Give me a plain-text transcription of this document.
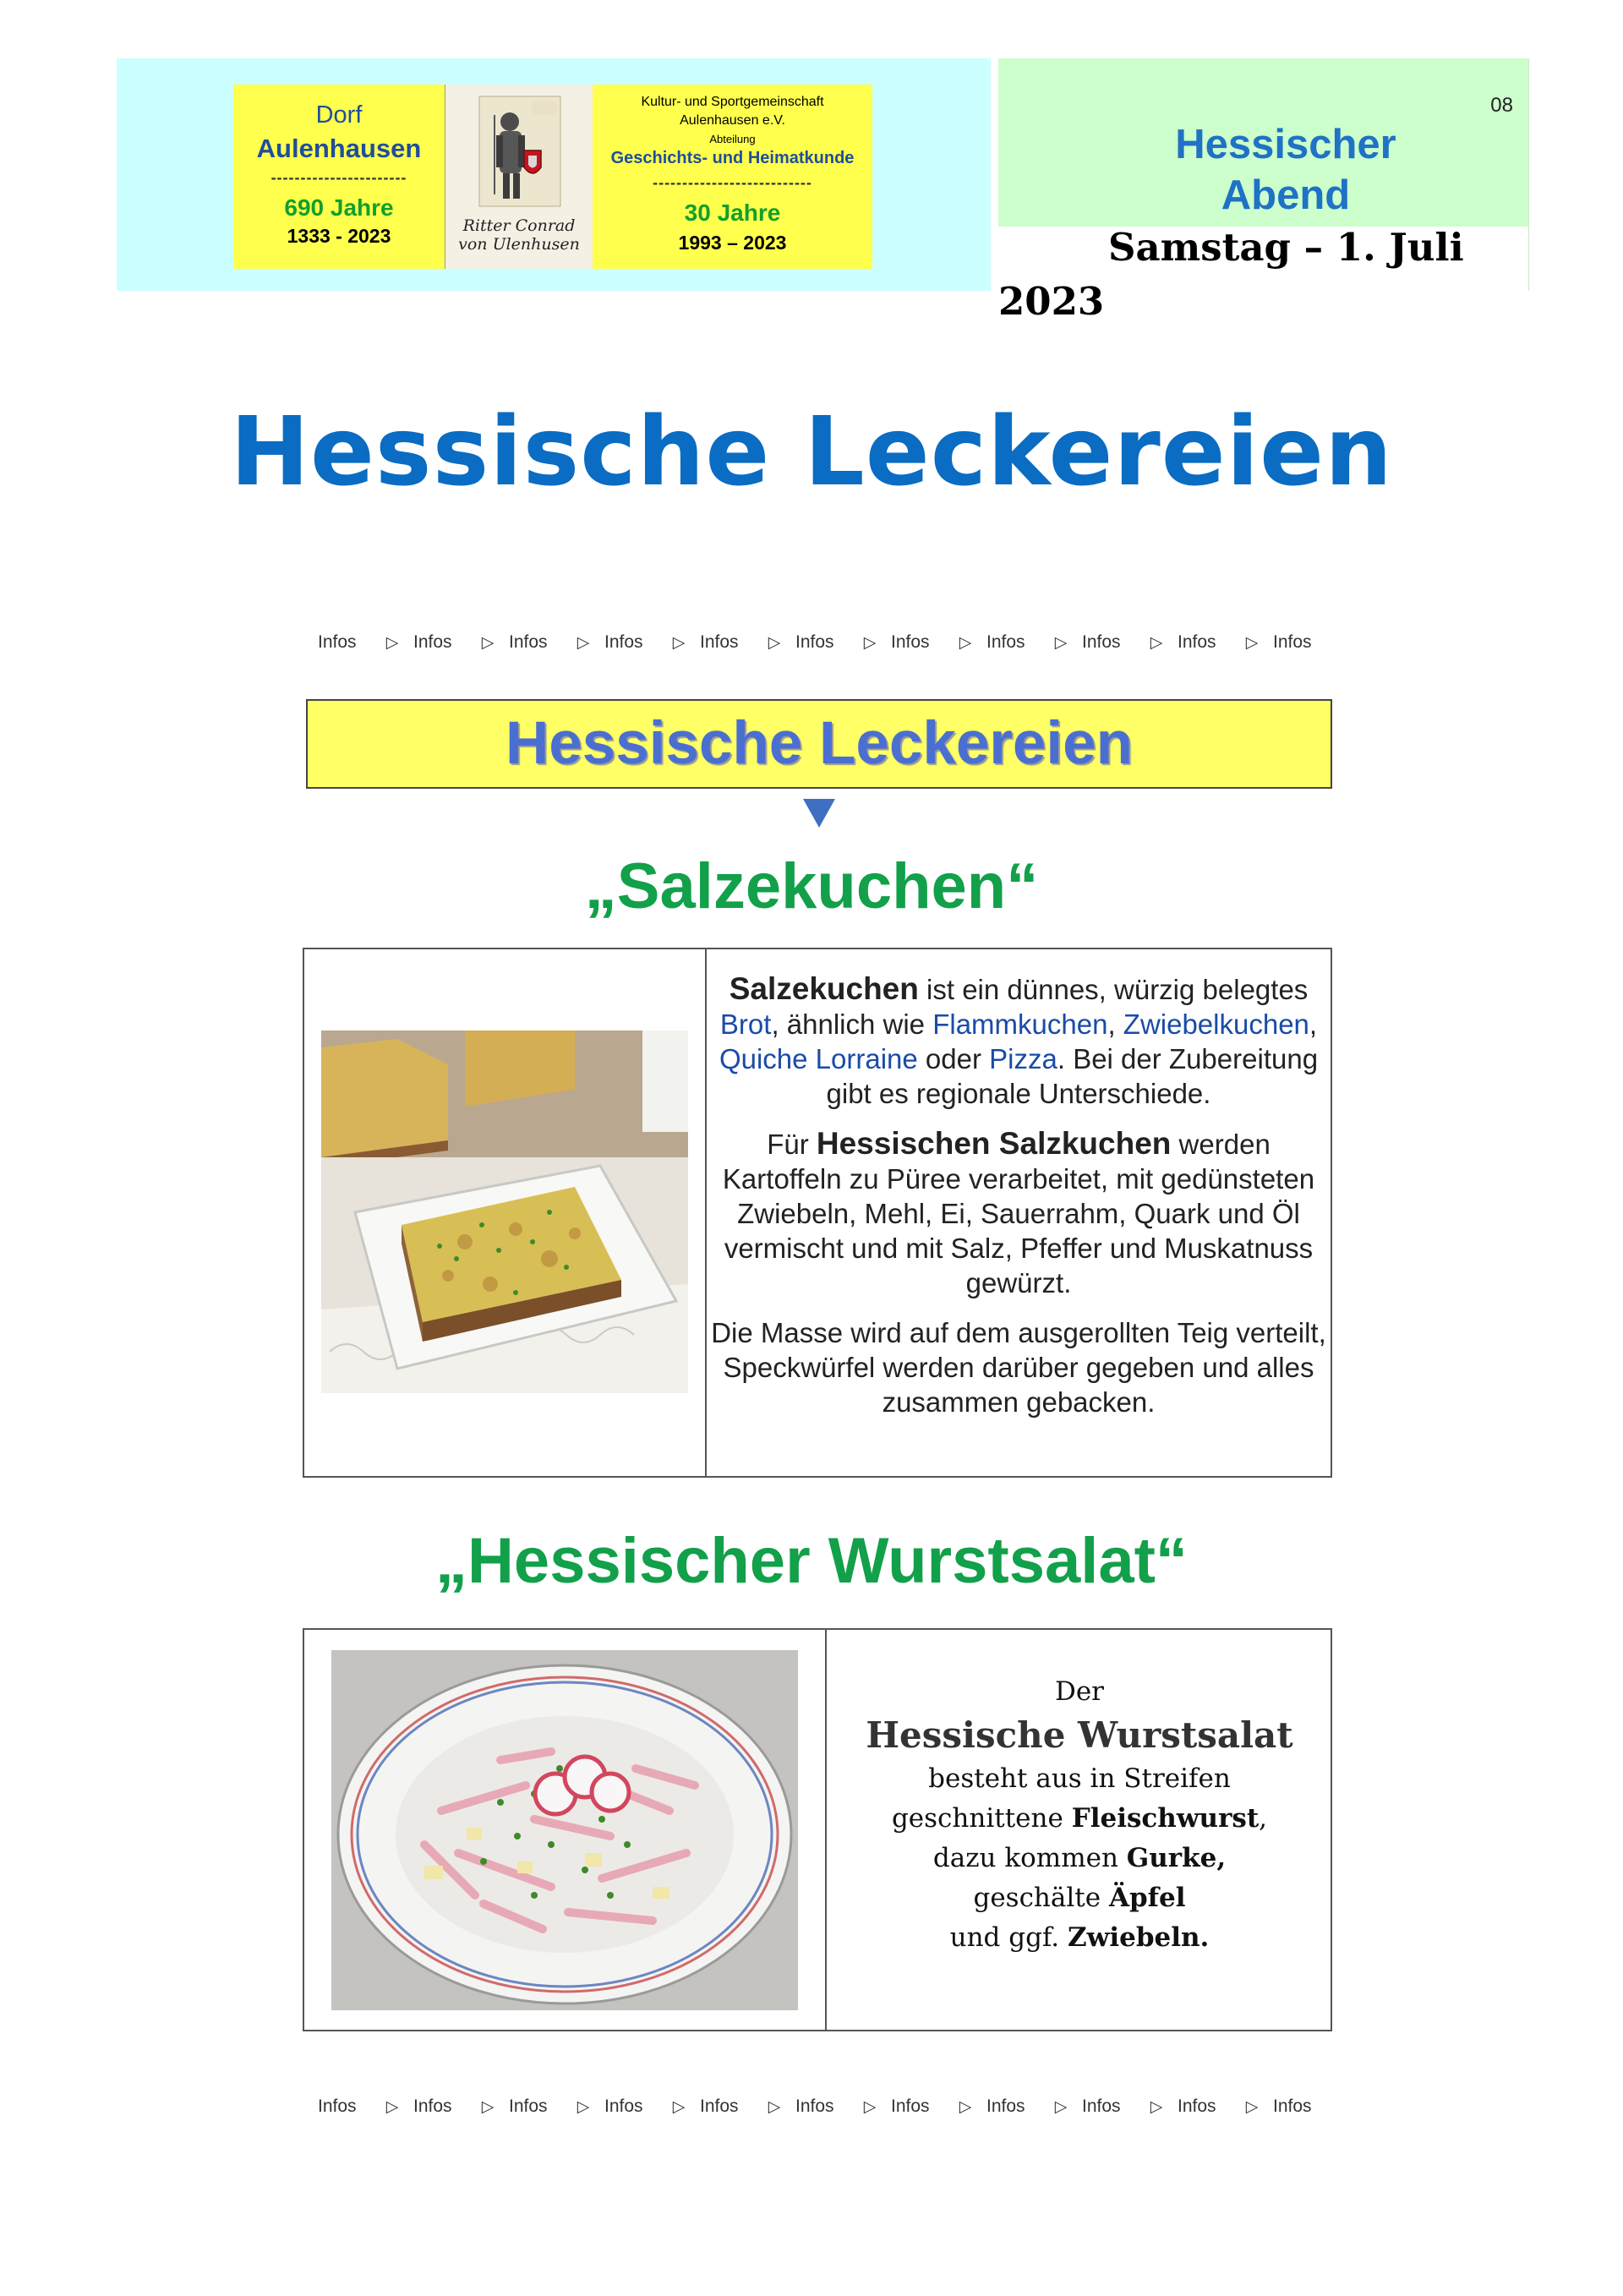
Dorf
Aulenhausen
-----------------------
690 Jahre
1333 - 2023	Ritter Conrad
von Ulenhusen
Kultur- und Sportgemeinschaft
Aulenhausen e.V.
Abteilung
Geschichts- und Heimatkunde
---------------------------
30 Jahre
1993 – 2023
08
Hessischer
Abend
Samstag – 1. Juli 2023
Hessische Leckereien
Infos	▷ Infos	▷ Infos	▷ Infos	▷ Infos	▷ Infos	▷ Infos	▷ Infos	▷ Infos	▷ Infos	▷ Infos
Hessische Leckereien
„Salzekuchen“

Salzekuchen ist ein dünnes, würzig belegtes Brot, ähnlich wie Flammkuchen, Zwiebelkuchen, Quiche Lorraine oder Pizza. Bei der Zubereitung gibt es regionale Unterschiede.

Für Hessischen Salzkuchen werden Kartoffeln zu Püree verarbeitet, mit gedünsteten Zwiebeln, Mehl, Ei, Sauerrahm, Quark und Öl vermischt und mit Salz, Pfeffer und Muskatnuss gewürzt.

Die Masse wird auf dem ausgerollten Teig verteilt, Speckwürfel werden darüber gegeben und alles zusammen gebacken.

„Hessischer Wurstsalat“
Der
Hessische Wurstsalat
besteht aus in Streifen
geschnittene Fleischwurst,
dazu kommen Gurke,
geschälte Äpfel
und ggf. Zwiebeln.
Infos	▷ Infos	▷ Infos	▷ Infos	▷ Infos	▷ Infos	▷ Infos	▷ Infos	▷ Infos	▷ Infos	▷ Infos
